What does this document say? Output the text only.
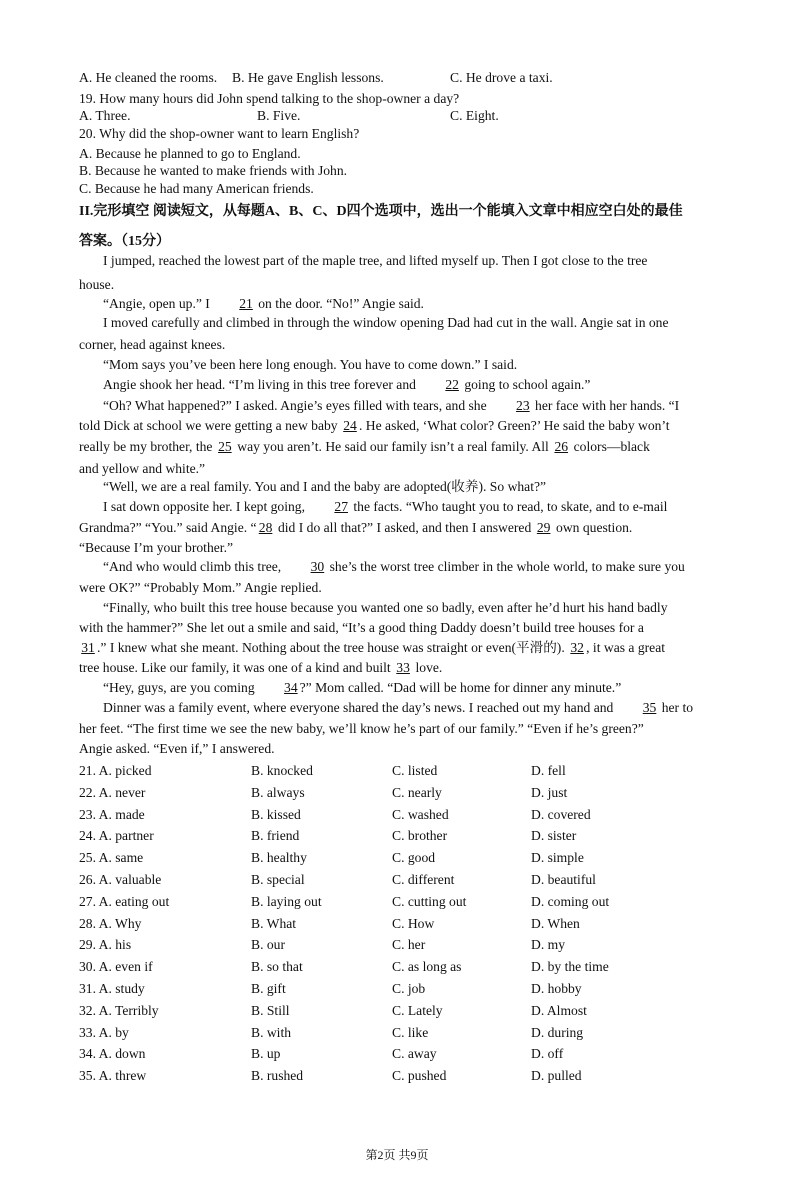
A. He cleaned the rooms. B. He gave English lessons.	C. He drove a taxi.
19. How many hours did John spend talking to the shop-owner a day?
A. Three.	B. Five.	C. Eight.
20. Why did the shop-owner want to learn English?
A. Because he planned to go to England.
B. Because he wanted to make friends with John.
C. Because he had many American friends.
II.完形填空 阅读短文，从每题A、B、C、D四个选项中，选出一个能填入文章中相应空白处的最佳
答案。（15分）
I jumped, reached the lowest part of the maple tree, and lifted myself up. Then I got close to the tree
house.
“Angie, open up.” I 21 on the door. “No!” Angie said.
I moved carefully and climbed in through the window opening Dad had cut in the wall. Angie sat in one
corner, head against knees.
“Mom says you’ve been here long enough. You have to come down.” I said.
Angie shook her head. “I’m living in this tree forever and 22 going to school again.”
“Oh? What happened?” I asked. Angie’s eyes filled with tears, and she 23 her face with her hands. “I
told Dick at school we were getting a new baby 24 . He asked, ‘What color? Green?’ He said the baby won’t
really be my brother, the 25 way you aren’t. He said our family isn’t a real family. All 26 colors—black
and yellow and white.”
“Well, we are a real family. You and I and the baby are adopted(收养). So what?”
I sat down opposite her. I kept going, 27 the facts. “Who taught you to read, to skate, and to e-mail
Grandma?” “You.” said Angie. “ 28 did I do all that?” I asked, and then I answered 29 own question.
“Because I’m your brother.”
“And who would climb this tree, 30 she’s the worst tree climber in the whole world, to make sure you
were OK?” “Probably Mom.” Angie replied.
“Finally, who built this tree house because you wanted one so badly, even after he’d hurt his hand badly
with the hammer?” She let out a smile and said, “It’s a good thing Daddy doesn’t build tree houses for a
31 .” I knew what she meant. Nothing about the tree house was straight or even(平滑的). 32 , it was a great
tree house. Like our family, it was one of a kind and built 33 love.
“Hey, guys, are you coming 34 ?” Mom called. “Dad will be home for dinner any minute.”
Dinner was a family event, where everyone shared the day’s news. I reached out my hand and 35 her to
her feet. “The first time we see the new baby, we’ll know he’s part of our family.” “Even if he’s green?”
Angie asked. “Even if,” I answered.
21. A. picked	B. knocked	C. listed	D. fell
22. A. never	B. always	C. nearly	D. just
23. A. made	B. kissed	C. washed	D. covered
24. A. partner	B. friend	C. brother	D. sister
25. A. same	B. healthy	C. good	D. simple
26. A. valuable	B. special	C. different	D. beautiful
27. A. eating out	B. laying out	C. cutting out	D. coming out
28. A. Why	B. What	C. How	D. When
29. A. his	B. our	C. her	D. my
30. A. even if	B. so that	C. as long as	D. by the time
31. A. study	B. gift	C. job	D. hobby
32. A. Terribly	B. Still	C. Lately	D. Almost
33. A. by	B. with	C. like	D. during
34. A. down	B. up	C. away	D. off
35. A. threw	B. rushed	C. pushed	D. pulled
第2页 共9页
